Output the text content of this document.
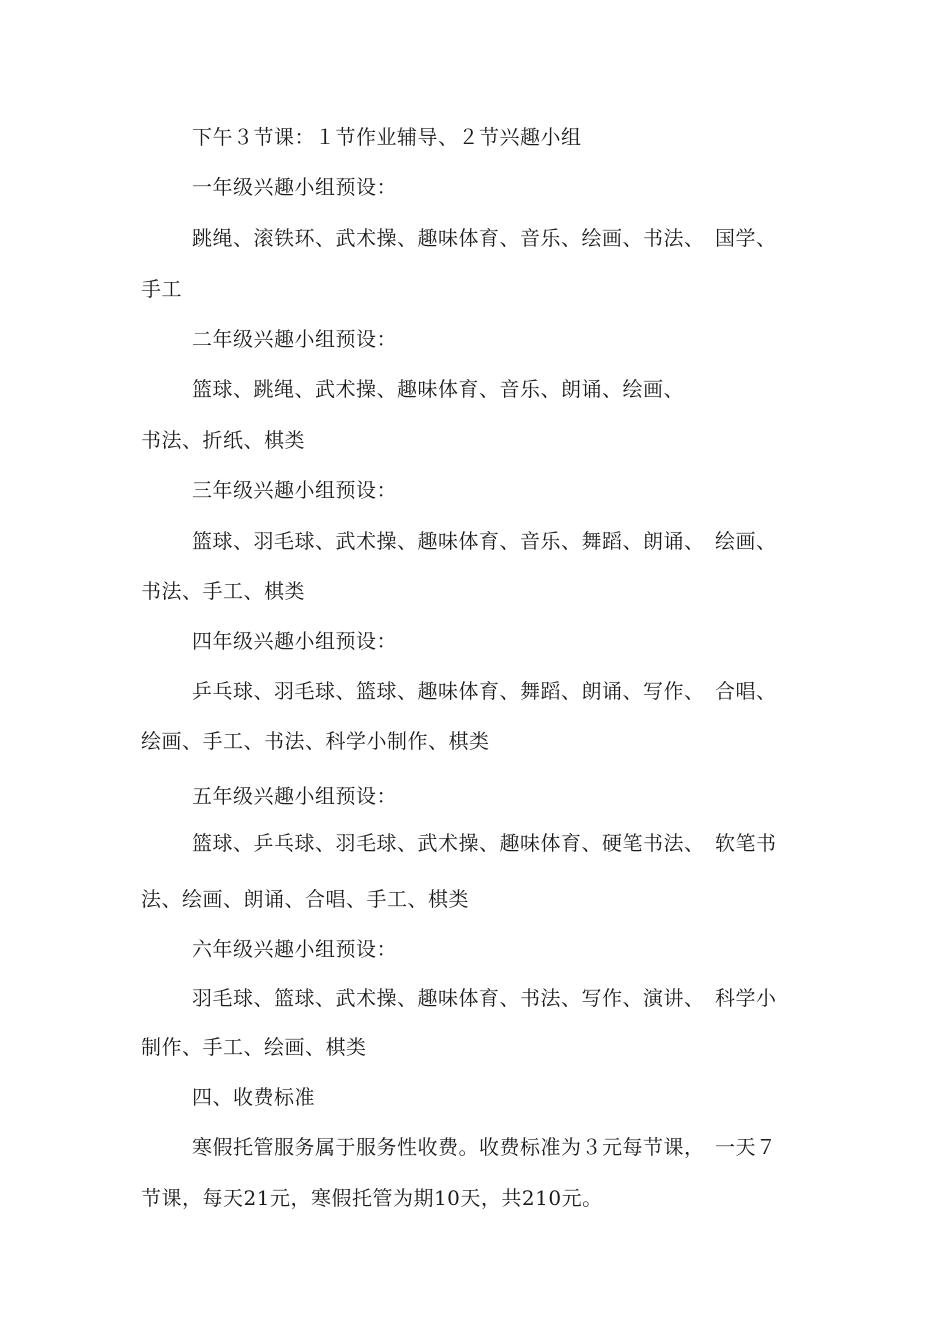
下午３节课：１节作业辅导、２节兴趣小组
一年级兴趣小组预设：
跳绳、滚铁环、武术操、趣味体育、音乐、绘画、书法、　国学、
手工
二年级兴趣小组预设：
篮球、跳绳、武术操、趣味体育、音乐、朗诵、绘画、
书法、折纸、棋类
三年级兴趣小组预设：
篮球、羽毛球、武术操、趣味体育、音乐、舞蹈、朗诵、　绘画、
书法、手工、棋类
四年级兴趣小组预设：
乒乓球、羽毛球、篮球、趣味体育、舞蹈、朗诵、写作、　合唱、
绘画、手工、书法、科学小制作、棋类
五年级兴趣小组预设：
篮球、乒乓球、羽毛球、武术操、趣味体育、硬笔书法、　软笔书
法、绘画、朗诵、合唱、手工、棋类
六年级兴趣小组预设：
羽毛球、篮球、武术操、趣味体育、书法、写作、演讲、　科学小
制作、手工、绘画、棋类
四、收费标准
寒假托管服务属于服务性收费。收费标准为３元每节课，　一天７
节课，每天21元，寒假托管为期10天，共210元。
